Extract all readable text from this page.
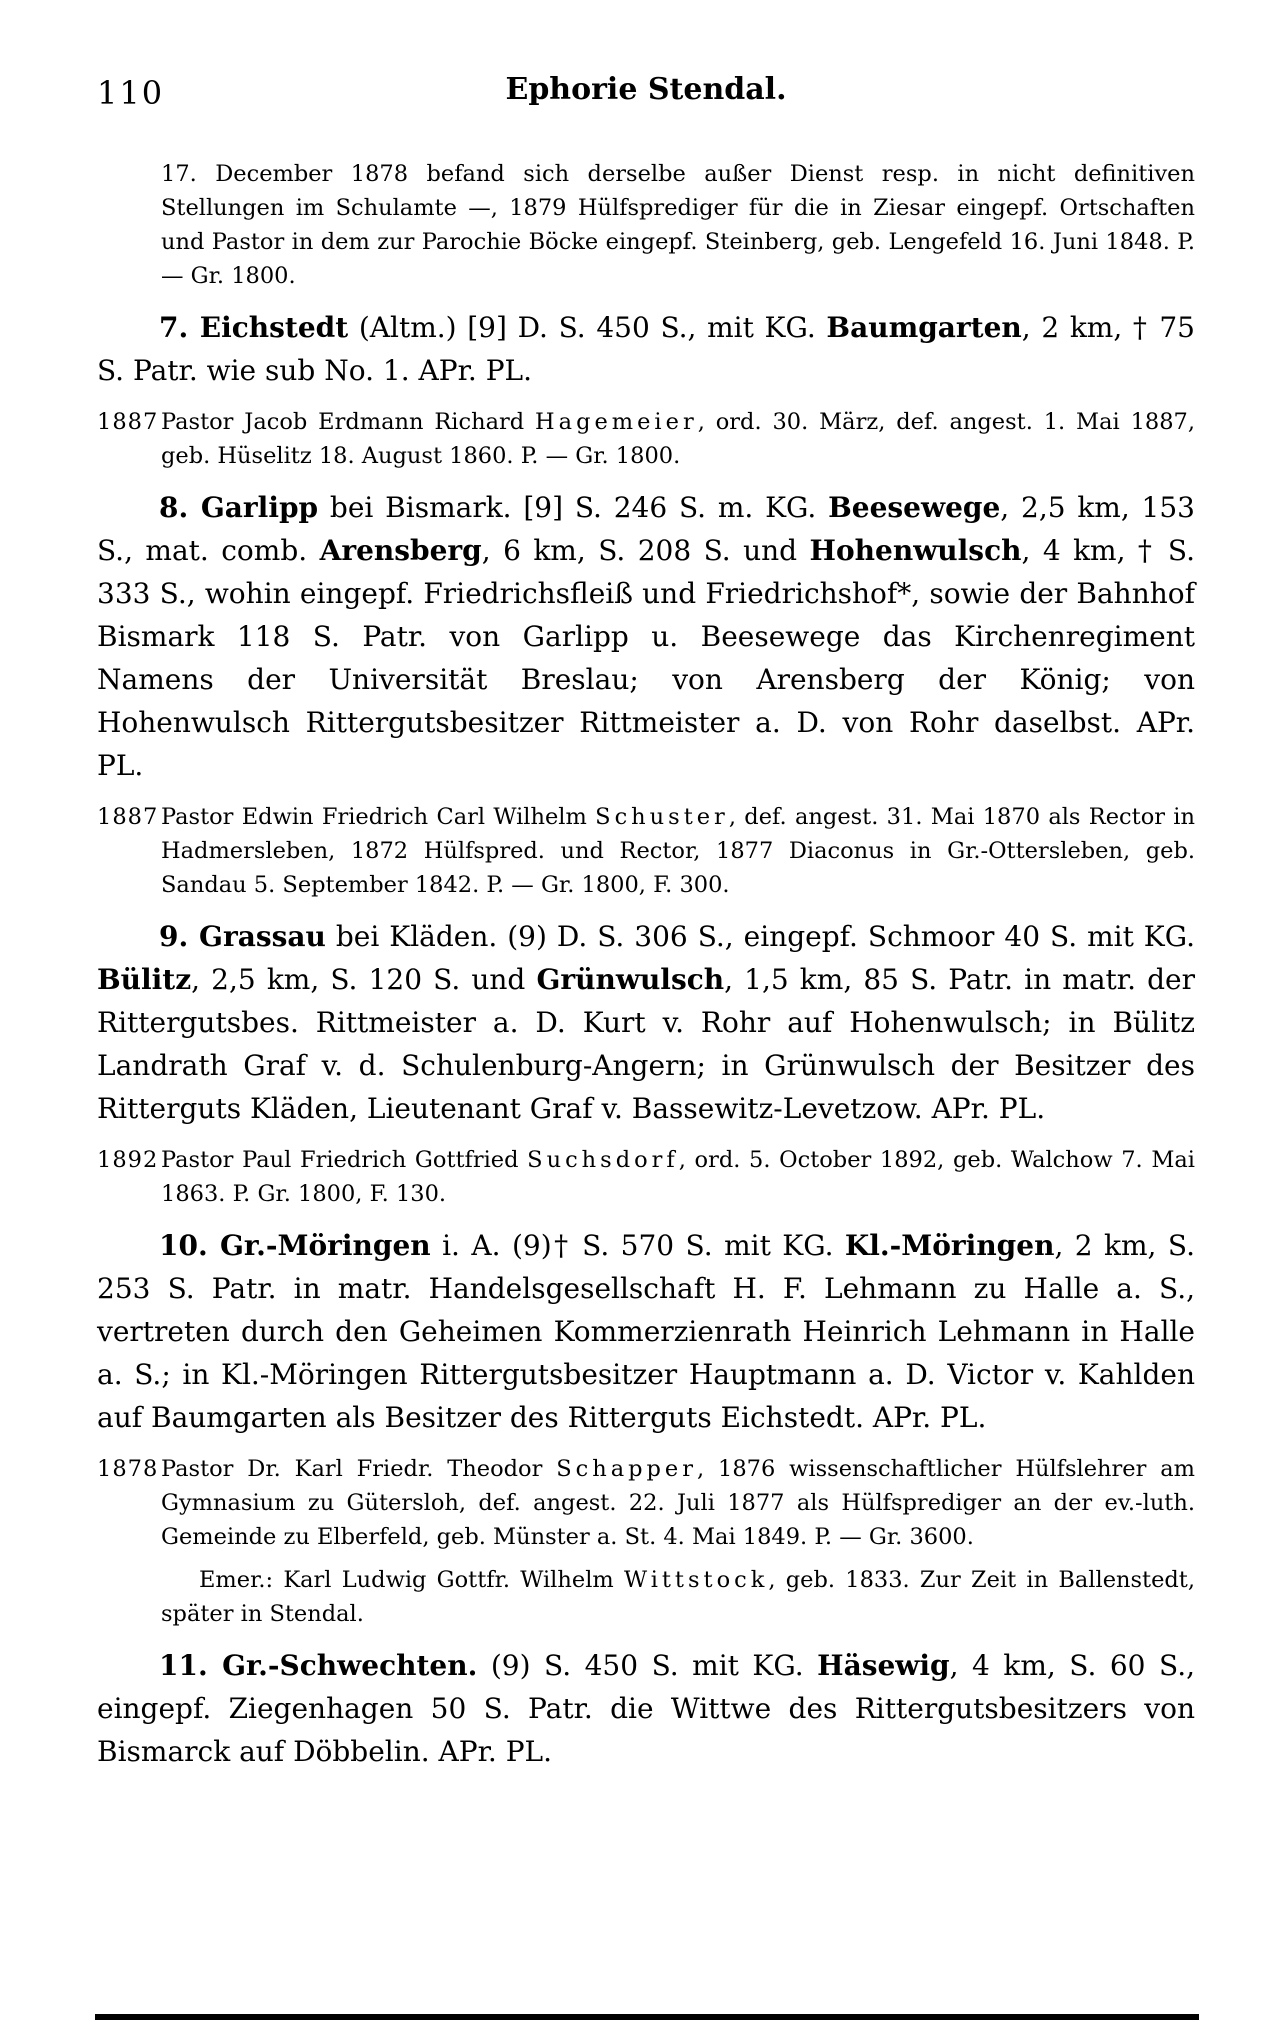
110	Ephorie Stendal.

17. December 1878 befand sich derselbe außer Dienst resp. in nicht definitiven Stellungen im Schulamte —, 1879 Hülfsprediger für die in Ziesar eingepf. Ortschaften und Pastor in dem zur Parochie Böcke eingepf. Steinberg, geb. Lengefeld 16. Juni 1848. P. — Gr. 1800.

7. Eichstedt (Altm.) [9] D. S. 450 S., mit KG. Baumgarten, 2 km, † 75 S. Patr. wie sub No. 1. APr. PL.

1887 Pastor Jacob Erdmann Richard Hagemeier, ord. 30. März, def. angest. 1. Mai 1887, geb. Hüselitz 18. August 1860. P. — Gr. 1800.

8. Garlipp bei Bismark. [9] S. 246 S. m. KG. Beesewege, 2,5 km, 153 S., mat. comb. Arensberg, 6 km, S. 208 S. und Hohenwulsch, 4 km, † S. 333 S., wohin eingepf. Friedrichsfleiß und Friedrichshof*, sowie der Bahnhof Bismark 118 S. Patr. von Garlipp u. Beesewege das Kirchenregiment Namens der Universität Breslau; von Arensberg der König; von Hohenwulsch Rittergutsbesitzer Rittmeister a. D. von Rohr daselbst. APr. PL.

1887 Pastor Edwin Friedrich Carl Wilhelm Schuster, def. angest. 31. Mai 1870 als Rector in Hadmersleben, 1872 Hülfspred. und Rector, 1877 Diaconus in Gr.-Ottersleben, geb. Sandau 5. September 1842. P. — Gr. 1800, F. 300.

9. Grassau bei Kläden. (9) D. S. 306 S., eingepf. Schmoor 40 S. mit KG. Bülitz, 2,5 km, S. 120 S. und Grünwulsch, 1,5 km, 85 S. Patr. in matr. der Rittergutsbes. Rittmeister a. D. Kurt v. Rohr auf Hohenwulsch; in Bülitz Landrath Graf v. d. Schulenburg-Angern; in Grünwulsch der Besitzer des Ritterguts Kläden, Lieutenant Graf v. Bassewitz-Levetzow. APr. PL.

1892 Pastor Paul Friedrich Gottfried Suchsdorf, ord. 5. October 1892, geb. Walchow 7. Mai 1863. P. Gr. 1800, F. 130.

10. Gr.-Möringen i. A. (9)† S. 570 S. mit KG. Kl.-Möringen, 2 km, S. 253 S. Patr. in matr. Handelsgesellschaft H. F. Lehmann zu Halle a. S., vertreten durch den Geheimen Kommerzienrath Heinrich Lehmann in Halle a. S.; in Kl.-Möringen Rittergutsbesitzer Hauptmann a. D. Victor v. Kahlden auf Baumgarten als Besitzer des Ritterguts Eichstedt. APr. PL.

1878 Pastor Dr. Karl Friedr. Theodor Schapper, 1876 wissenschaftlicher Hülfslehrer am Gymnasium zu Gütersloh, def. angest. 22. Juli 1877 als Hülfsprediger an der ev.-luth. Gemeinde zu Elberfeld, geb. Münster a. St. 4. Mai 1849. P. — Gr. 3600.

Emer.: Karl Ludwig Gottfr. Wilhelm Wittstock, geb. 1833. Zur Zeit in Ballenstedt, später in Stendal.

11. Gr.-Schwechten. (9) S. 450 S. mit KG. Häsewig, 4 km, S. 60 S., eingepf. Ziegenhagen 50 S. Patr. die Wittwe des Rittergutsbesitzers von Bismarck auf Döbbelin. APr. PL.
